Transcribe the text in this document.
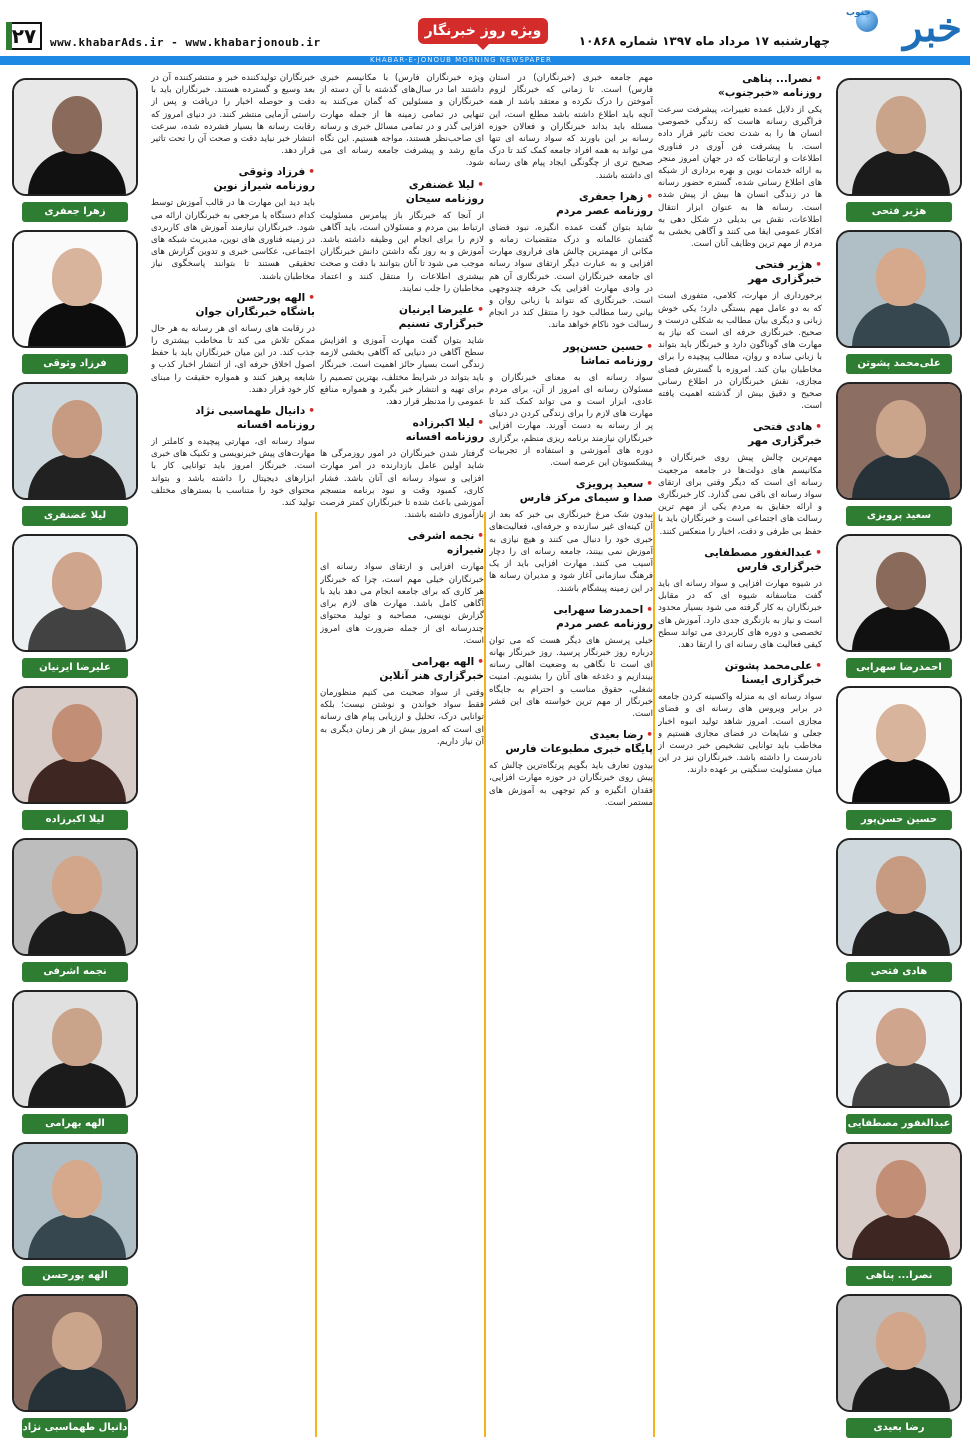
جنوب خبر
چهارشنبه ۱۷ مرداد ماه ۱۳۹۷ شماره ۱۰۸۶۸
ویژه روز خبرنگار
www.khabarAds.ir - www.khabarjonoub.ir
۲۷
KHABAR-E-JONOUB MORNING NEWSPAPER
هژیر فتحی
علی‌محمد پشوتن
سعید پرویزی
احمدرضا سهرابی
حسین حسن‌پور
هادی فتحی
عبدالغفور مصطفایی
نصرا... پناهی
رضا بعیدی
زهرا جعفری
فرزاد وثوقی
لیلا غضنفری
علیرضا ایرنیان
لیلا اکبرزاده
نجمه اشرفی
الهه بهرامی
الهه پورحسن
دانیال طهماسبی نژاد
• نصرا... پناهی
روزنامه «خبرجنوب»
یکی از دلایل عمده تغییرات، پیشرفت سرعت فراگیری رسانه هاست که زندگی خصوصی انسان ها را به شدت تحت تاثیر قرار داده است. با پیشرفت فن آوری در فناوری اطلاعات و ارتباطات که در جهان امروز منجر به ارائه خدمات نوین و بهره برداری از شبکه های اطلاع رسانی شده، گستره حضور رسانه ها در زندگی انسان ها بیش از پیش شده است. رسانه ها به عنوان ابزار انتقال اطلاعات، نقش بی بدیلی در شکل دهی به افکار عمومی ایفا می کنند و آگاهی بخشی به مردم از مهم ترین وظایف آنان است.
• هژیر فتحی
خبرگزاری مهر
برخورداری از مهارت، کلامی، متفوری است که به دو عامل مهم بستگی دارد؛ یکی خوش زبانی و دیگری بیان مطالب به شکلی درست و صحیح. خبرنگاری حرفه ای است که نیاز به مهارت های گوناگون دارد و خبرنگار باید بتواند با زبانی ساده و روان، مطالب پیچیده را برای مخاطبان بیان کند. امروزه با گسترش فضای مجازی، نقش خبرنگاران در اطلاع رسانی صحیح و دقیق بیش از گذشته اهمیت یافته است.
• هادی فتحی
خبرگزاری مهر
مهم‌ترین چالش پیش روی خبرنگاران و مکانیسم های دولت‌ها در جامعه مرجعیت رسانه ای است که دیگر وقتی برای ارتقای سواد رسانه ای باقی نمی گذارد. کار خبرنگاری و ارائه حقایق به مردم یکی از مهم ترین رسالت های اجتماعی است و خبرنگاران باید با حفظ بی طرفی و دقت، اخبار را منعکس کنند.
• عبدالغفور مصطفایی
خبرگزاری فارس
در شیوه مهارت افزایی و سواد رسانه ای باید گفت متاسفانه شیوه ای که در مقابل خبرنگاران به کار گرفته می شود بسیار محدود است و نیاز به بازنگری جدی دارد. آموزش های تخصصی و دوره های کاربردی می تواند سطح کیفی فعالیت های رسانه ای را ارتقا دهد.
• علی‌محمد پشوتن
خبرگزاری ایسنا
سواد رسانه ای به منزله واکسینه کردن جامعه در برابر ویروس های رسانه ای و فضای مجازی است. امروز شاهد تولید انبوه اخبار جعلی و شایعات در فضای مجازی هستیم و مخاطب باید توانایی تشخیص خبر درست از نادرست را داشته باشد. خبرنگاران نیز در این میان مسئولیت سنگینی بر عهده دارند.
مهم جامعه خبری (خبرنگاران) در استان فارس) است. تا زمانی که خبرنگار لزوم آموختن را درک نکرده و معتقد باشد از همه آنچه باید اطلاع داشته باشد مطلع است، این مسئله باید بداند خبرنگاران و فعالان حوزه رسانه بر این باورند که سواد رسانه ای تنها می تواند به همه افراد جامعه کمک کند تا درک صحیح تری از چگونگی ایجاد پیام های رسانه ای داشته باشند.
• زهرا جعفری
روزنامه عصر مردم
شاید بتوان گفت عمده انگیزه، نبود فضای گفتمان عالمانه و درک متقضیات زمانه و مکانی از مهمترین چالش های فراروی مهارت افزایی و به عبارت دیگر ارتقای سواد رسانه ای جامعه خبرنگاران است. خبرنگاری آن هم در وادی مهارت افزایی یک حرفه چندوجهی است. خبرنگاری که نتواند با زبانی روان و بیانی رسا مطالب خود را منتقل کند در انجام رسالت خود ناکام خواهد ماند.
• حسین حسن‌پور
روزنامه تماشا
سواد رسانه ای به معنای خبرنگاران و مسئولان رسانه ای امروز از آن، برای مردم عادی، ابزار است و می تواند کمک کند تا مهارت های لازم را برای زندگی کردن در دنیای پر از رسانه به دست آورند. مهارت افزایی خبرنگاران نیازمند برنامه ریزی منظم، برگزاری دوره های آموزشی و استفاده از تجربیات پیشکسوتان این عرصه است.
• سعید پرویزی
صدا و سیمای مرکز فارس
بیدون شک مرغ خبرنگاری بی‌ خبر که بعد از آن کینه‌ای غیر سازنده و حرفه‌ای، فعالیت‌های خبری خود را دنبال می کنند و هیچ نیازی به آموزش نمی بینند، جامعه رسانه ای را دچار آسیب می کنند. مهارت افزایی باید از یک فرهنگ سازمانی آغاز شود و مدیران رسانه ها در این زمینه پیشگام باشند.
• احمدرضا سهرابی
روزنامه عصر مردم
خیلی پرسش های دیگر هست که می توان درباره روز خبرنگار پرسید. روز خبرنگار بهانه ای است تا نگاهی به وضعیت اهالی رسانه بیندازیم و دغدغه های آنان را بشنویم. امنیت شغلی، حقوق مناسب و احترام به جایگاه خبرنگار از مهم ترین خواسته های این قشر است.
• رضا بعیدی
پایگاه خبری مطبوعات فارس
بیدون تعارف باید بگویم پرتگاه‌ترین چالش که پیش روی خبرنگاران در حوزه مهارت افزایی، فقدان انگیزه و کم توجهی به آموزش های مستمر است.
ویژه خبرنگاران فارس) با مکانیسم خبری داشتند اما در سال‌های گذشته با آن دسته از خبرنگاران و مسئولین که گمان می‌کنند به تنهایی در تمامی زمینه ها از جمله مهارت افزایی گذر و در تمامی مسائل خبری و رسانه ای صاحب‌نظر هستند، مواجه هستیم. این نگاه مانع رشد و پیشرفت جامعه رسانه ای می شود.
• لیلا غضنفری
روزنامه سیحان
از آنجا که خبرنگار باز پیامرس مسئولیت ارتباط بین مردم و مسئولان است، باید آگاهی لازم را برای انجام این وظیفه داشته باشد. آموزش و به روز نگه داشتن دانش خبرنگاران موجب می شود تا آنان بتوانند با دقت و صحت بیشتری اطلاعات را منتقل کنند و اعتماد مخاطبان را جلب نمایند.
• علیرضا ایرنیان
خبرگزاری تسنیم
شاید بتوان گفت مهارت آموزی و افزایش سطح آگاهی در دنیایی که آگاهی بخشی لازمه زندگی است بسیار حائز اهمیت است. خبرنگار باید بتواند در شرایط مختلف، بهترین تصمیم را برای تهیه و انتشار خبر بگیرد و همواره منافع عمومی را مدنظر قرار دهد.
• لیلا اکبرزاده
روزنامه افسانه
گرفتار شدن خبرنگاران در امور روزمرگی ها شاید اولین عامل بازدارنده در امر مهارت افزایی و سواد رسانه ای آنان باشد. فشار کاری، کمبود وقت و نبود برنامه منسجم آموزشی باعث شده تا خبرنگاران کمتر فرصت بازآموزی داشته باشند.
• نجمه اشرفی
شیرازه
مهارت افزایی و ارتقای سواد رسانه ای خبرنگاران خیلی مهم است، چرا که خبرنگار هر کاری که برای جامعه انجام می دهد باید با آگاهی کامل باشد. مهارت های لازم برای گزارش نویسی، مصاحبه و تولید محتوای چندرسانه ای از جمله ضرورت های امروز است.
• الهه بهرامی
خبرگزاری هنر آنلاین
وقتی از سواد صحبت می کنیم منظورمان فقط سواد خواندن و نوشتن نیست؛ بلکه توانایی درک، تحلیل و ارزیابی پیام های رسانه ای است که امروز بیش از هر زمان دیگری به آن نیاز داریم.
خبرنگاران تولیدکننده خبر و منتشرکننده آن در بعد وسیع و گسترده هستند. خبرنگاران باید با دقت و حوصله اخبار را دریافت و پس از راستی آزمایی منتشر کنند. در دنیای امروز که رقابت رسانه ها بسیار فشرده شده، سرعت انتشار خبر نباید دقت و صحت آن را تحت تاثیر قرار دهد.
• فرزاد وثوقی
روزنامه شیراز نوین
باید دید این مهارت ها در قالب آموزش توسط کدام دستگاه یا مرجعی به خبرنگاران ارائه می شود. خبرنگاران نیازمند آموزش های کاربردی در زمینه فناوری های نوین، مدیریت شبکه های اجتماعی، عکاسی خبری و تدوین گزارش های تحقیقی هستند تا بتوانند پاسخگوی نیاز مخاطبان باشند.
• الهه پورحسن
باشگاه خبرنگاران جوان
در رقابت های رسانه ای هر رسانه به هر حال ممکن تلاش می کند تا مخاطب بیشتری را جذب کند. در این میان خبرنگاران باید با حفظ اصول اخلاق حرفه ای، از انتشار اخبار کذب و شایعه پرهیز کنند و همواره حقیقت را مبنای کار خود قرار دهند.
• دانیال طهماسبی نژاد
روزنامه افسانه
سواد رسانه ای، مهارتی پیچیده و کاملتر از مهارت‌های پیش خبرنویسی و تکنیک های خبری است. خبرنگار امروز باید توانایی کار با ابزارهای دیجیتال را داشته باشد و بتواند محتوای خود را متناسب با بسترهای مختلف تولید کند.
